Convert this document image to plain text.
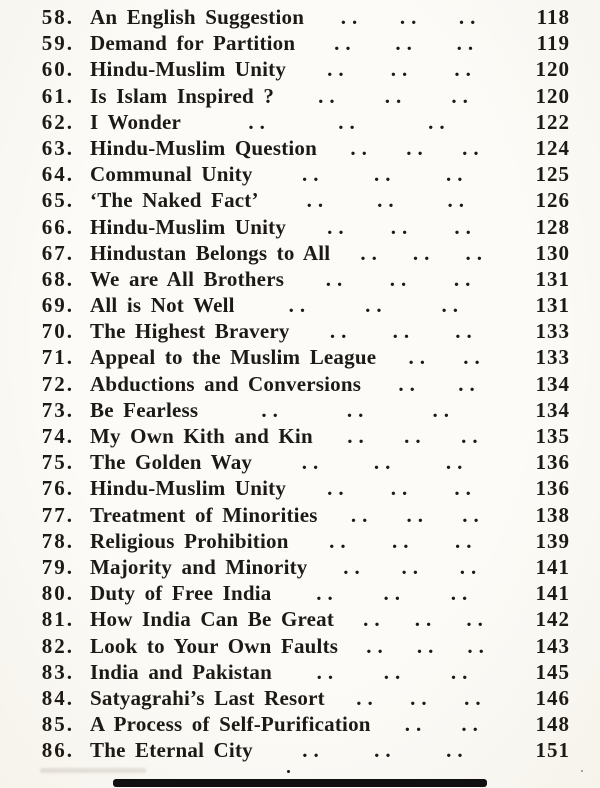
58. An English Suggestion .. .. ..	118
59. Demand for Partition .. .. ..	119
60. Hindu-Muslim Unity .. .. ..	120
61. Is Islam Inspired ? .. .. ..	120
62. I Wonder	..	..	..	122
63. Hindu-Muslim Question .. .. ..	124
64. Communal Unity .. .. ..	125
65. ‘The Naked Fact’ .. .. ..	126
66. Hindu-Muslim Unity .. .. ..	128
67. Hindustan Belongs to All .. .. ..	130
68. We are All Brothers .. .. ..	131
69. All is Not Well	..	..	..	131
70. The Highest Bravery .. .. ..	133
71. Appeal to the Muslim League .. ..	133
72. Abductions and Conversions .. ..	134
73. Be Fearless	..	..	..	134
74. My Own Kith and Kin .. .. ..	135
75. The Golden Way .. .. ..	136
76. Hindu-Muslim Unity .. .. ..	136
77. Treatment of Minorities .. .. ..	138
78. Religious Prohibition .. .. ..	139
79. Majority and Minority .. .. ..	141
80. Duty of Free India .. .. ..	141
81. How India Can Be Great .. .. ..	142
82. Look to Your Own Faults .. .. ..	143
83. India and Pakistan .. .. ..	145
84. Satyagrahi’s Last Resort .. .. ..	146
85. A Process of Self-Purification .. ..	148
86. The Eternal City .. .. ..	151
